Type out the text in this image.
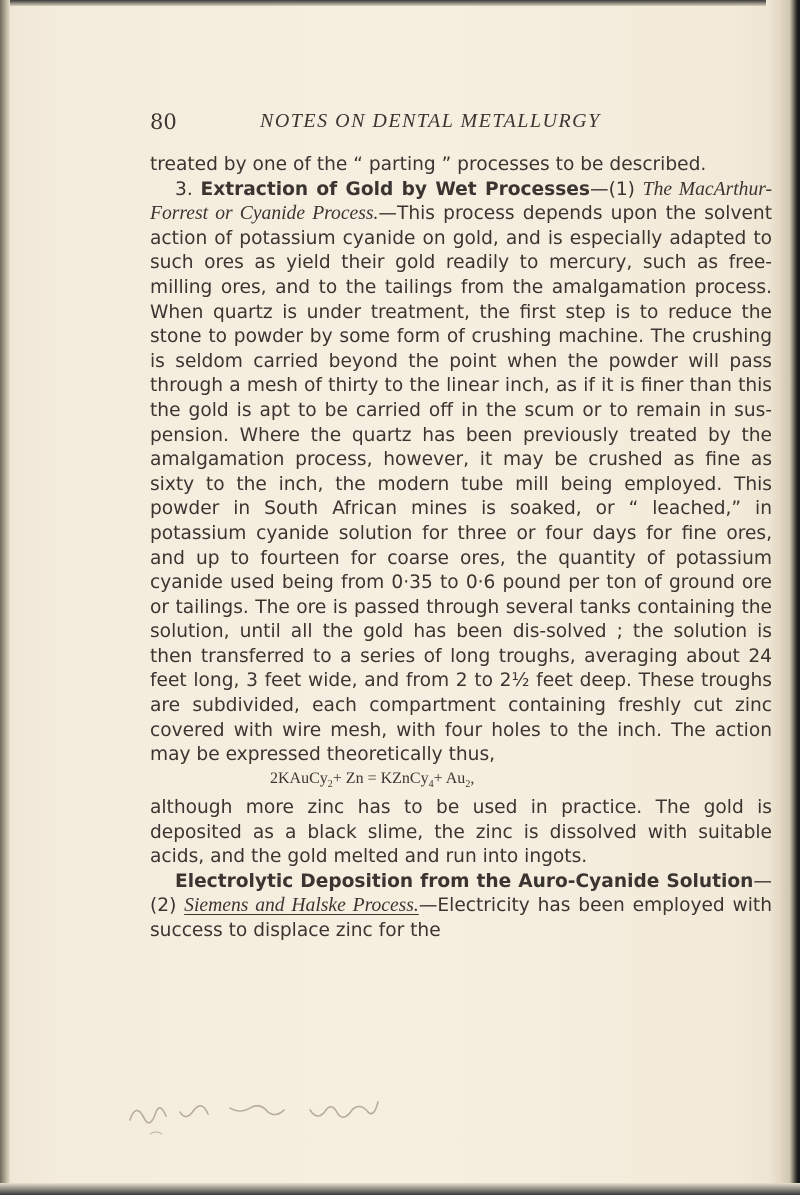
80	NOTES ON DENTAL METALLURGY

treated by one of the “ parting ” processes to be described.

3. Extraction of Gold by Wet Processes—(1) The MacArthur-Forrest or Cyanide Process.—This process depends upon the solvent action of potassium cyanide on gold, and is especially adapted to such ores as yield their gold readily to mercury, such as free-milling ores, and to the tailings from the amalgamation process. When quartz is under treatment, the first step is to reduce the stone to powder by some form of crushing machine. The crushing is seldom carried beyond the point when the powder will pass through a mesh of thirty to the linear inch, as if it is finer than this the gold is apt to be carried off in the scum or to remain in sus-pension. Where the quartz has been previously treated by the amalgamation process, however, it may be crushed as fine as sixty to the inch, the modern tube mill being employed. This powder in South African mines is soaked, or “ leached,” in potassium cyanide solution for three or four days for fine ores, and up to fourteen for coarse ores, the quantity of potassium cyanide used being from 0·35 to 0·6 pound per ton of ground ore or tailings. The ore is passed through several tanks containing the solution, until all the gold has been dis-solved ; the solution is then transferred to a series of long troughs, averaging about 24 feet long, 3 feet wide, and from 2 to 2½ feet deep. These troughs are subdivided, each compartment containing freshly cut zinc covered with wire mesh, with four holes to the inch. The action may be expressed theoretically thus,

2KAuCy$_2$+ Zn = KZnCy$_4$+ $Au_2$,

although more zinc has to be used in practice. The gold is deposited as a black slime, the zinc is dissolved with suitable acids, and the gold melted and run into ingots.

Electrolytic Deposition from the Auro-Cyanide Solution—(2) Siemens and Halske Process.—Electricity has been employed with success to displace zinc for the
